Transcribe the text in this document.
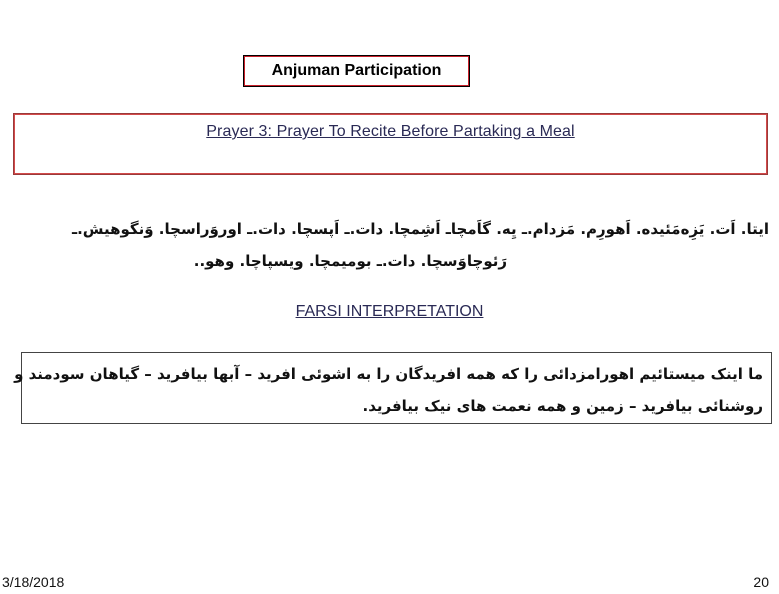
Anjuman Participation
Prayer 3: Prayer To Recite Before Partaking a Meal
ایتا. اَت. یَزِه‌مَئیده. اَهورِم. مَزدام.ـ یِه. گاَمچاـ اَشِمچا. دات.ـ اَپسچا. دات.ـ اوروَراسچا. وَنگوهیش.ـ
رَئوچاوَسچا. دات.ـ بومیمچا. ویسپاچا. وهو..
FARSI INTERPRETATION
ما اینک میستائیم اهورامزدائی را که همه افریدگان را به اشوئی افرید – آبها بیافرید – گیاهان سودمند و
روشنائی بیافرید – زمین و همه نعمت های نیک بیافرید.
3/18/2018	20
